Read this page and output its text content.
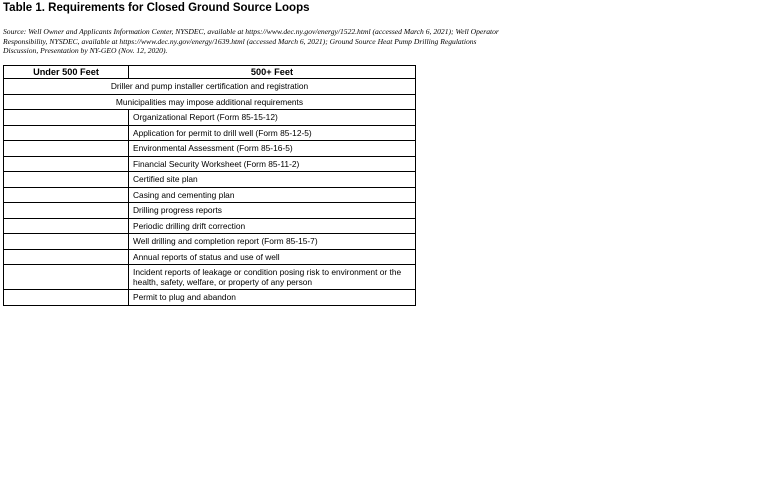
Table 1. Requirements for Closed Ground Source Loops
Source: Well Owner and Applicants Information Center, NYSDEC, available at https://www.dec.ny.gov/energy/1522.html (accessed March 6, 2021); Well Operator Responsibility, NYSDEC, available at https://www.dec.ny.gov/energy/1639.html (accessed March 6, 2021); Ground Source Heat Pump Drilling Regulations Discussion, Presentation by NY-GEO (Nov. 12, 2020).
Under 500 Feet	500+ Feet
Driller and pump installer certification and registration	
Municipalities may impose additional requirements	
	Organizational Report (Form 85-15-12)
	Application for permit to drill well (Form 85-12-5)
	Environmental Assessment (Form 85-16-5)
	Financial Security Worksheet (Form 85-11-2)
	Certified site plan
	Casing and cementing plan
	Drilling progress reports
	Periodic drilling drift correction
	Well drilling and completion report (Form 85-15-7)
	Annual reports of status and use of well
	Incident reports of leakage or condition posing risk to environment or the health, safety, welfare, or property of any person
	Permit to plug and abandon
